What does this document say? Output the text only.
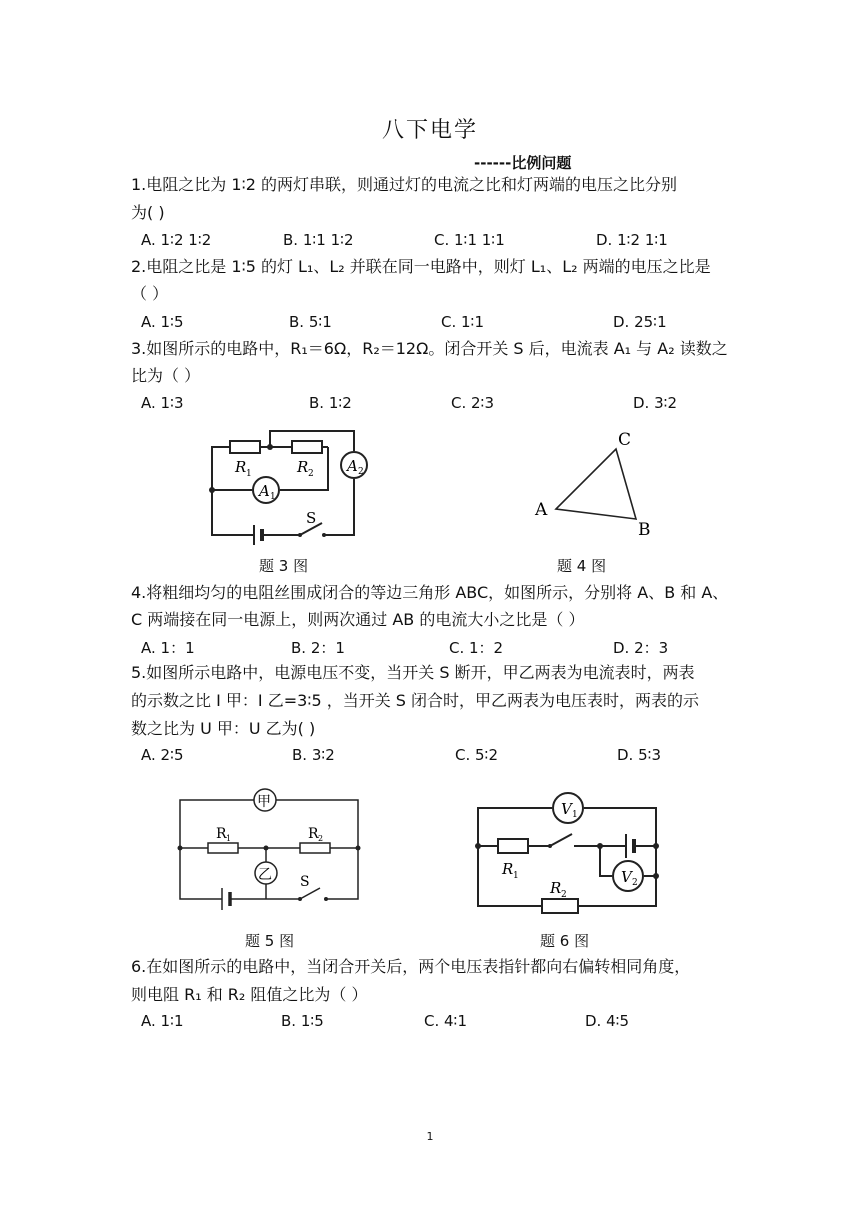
八下电学
------比例问题
1.电阻之比为 1∶2 的两灯串联，则通过灯的电流之比和灯两端的电压之比分别
为( )
A. 1∶2 1∶2	B. 1∶1 1∶2	C. 1∶1 1∶1	D. 1∶2 1∶1
2.电阻之比是 1∶5 的灯 L₁、L₂ 并联在同一电路中，则灯 L₁、L₂ 两端的电压之比是
（ ）
A. 1∶5	B. 5∶1	C. 1∶1	D. 25∶1
3.如图所示的电路中，R₁＝6Ω，R₂＝12Ω。闭合开关 S 后，电流表 A₁ 与 A₂ 读数之
比为（ ）
A. 1∶3	B. 1∶2	C. 2∶3	D. 3∶2
A 1
A 2
R 1	R 2
S
题 3 图
C
A
B
题 4 图
4.将粗细均匀的电阻丝围成闭合的等边三角形 ABC，如图所示，分别将 A、B 和 A、
C 两端接在同一电源上，则两次通过 AB 的电流大小之比是（ ）
A. 1：1	B. 2：1	C. 1：2	D. 2：3
5.如图所示电路中，电源电压不变，当开关 S 断开，甲乙两表为电流表时，两表
的示数之比 I 甲：I 乙=3∶5 ，当开关 S 闭合时，甲乙两表为电压表时，两表的示
数之比为 U 甲：U 乙为( )
A. 2∶5	B. 3∶2	C. 5∶2	D. 5∶3
甲
乙
R 1	R 2
S
题 5 图
V 1
V 2
R 1
R 2
题 6 图
6.在如图所示的电路中，当闭合开关后，两个电压表指针都向右偏转相同角度，
则电阻 R₁ 和 R₂ 阻值之比为（ ）
A. 1∶1	B. 1∶5	C. 4∶1	D. 4∶5
1
